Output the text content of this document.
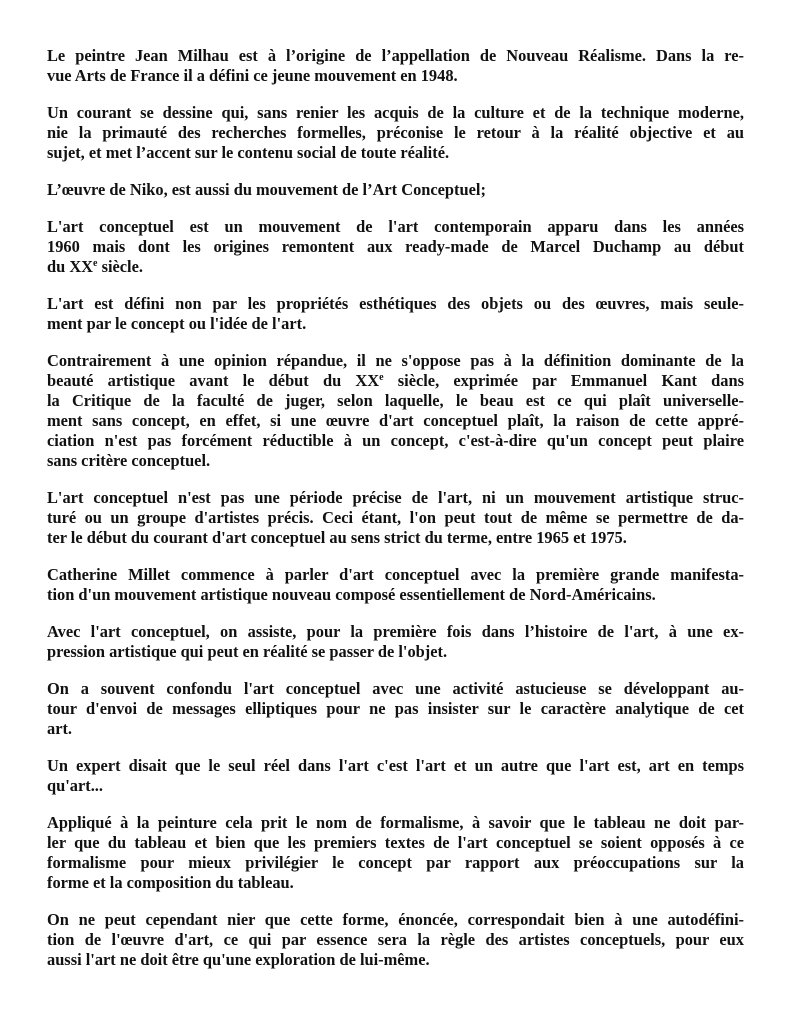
Le peintre Jean Milhau est à l’origine de l’appellation de Nouveau Réalisme. Dans la re-
vue Arts de France il a défini ce jeune mouvement en 1948.

Un courant se dessine qui, sans renier les acquis de la culture et de la technique moderne,
nie la primauté des recherches formelles, préconise le retour à la réalité objective et au
sujet, et met l’accent sur le contenu social de toute réalité.

L’œuvre de Niko, est aussi du mouvement de l’Art Conceptuel;

L'art conceptuel est un mouvement de l'art contemporain apparu dans les années
1960 mais dont les origines remontent aux ready-made de Marcel Duchamp au début
du XXe siècle.

L'art est défini non par les propriétés esthétiques des objets ou des œuvres, mais seule-
ment par le concept ou l'idée de l'art.

Contrairement à une opinion répandue, il ne s'oppose pas à la définition dominante de la
beauté artistique avant le début du XXe siècle, exprimée par Emmanuel Kant dans
la Critique de la faculté de juger, selon laquelle, le beau est ce qui plaît universelle-
ment sans concept, en effet, si une œuvre d'art conceptuel plaît, la raison de cette appré-
ciation n'est pas forcément réductible à un concept, c'est-à-dire qu'un concept peut plaire
sans critère conceptuel.

L'art conceptuel n'est pas une période précise de l'art, ni un mouvement artistique struc-
turé ou un groupe d'artistes précis. Ceci étant, l'on peut tout de même se permettre de da-
ter le début du courant d'art conceptuel au sens strict du terme, entre 1965 et 1975.

Catherine Millet commence à parler d'art conceptuel avec la première grande manifesta-
tion d'un mouvement artistique nouveau composé essentiellement de Nord-Américains.

Avec l'art conceptuel, on assiste, pour la première fois dans l’histoire de l'art, à une ex-
pression artistique qui peut en réalité se passer de l'objet.

On a souvent confondu l'art conceptuel avec une activité astucieuse se développant au-
tour d'envoi de messages elliptiques pour ne pas insister sur le caractère analytique de cet
art.

Un expert disait que le seul réel dans l'art c'est l'art et un autre que l'art est, art en temps
qu'art...

Appliqué à la peinture cela prit le nom de formalisme, à savoir que le tableau ne doit par-
ler que du tableau et bien que les premiers textes de l'art conceptuel se soient opposés à ce
formalisme pour mieux privilégier le concept par rapport aux préoccupations sur la
forme et la composition du tableau.

On ne peut cependant nier que cette forme, énoncée, correspondait bien à une autodéfini-
tion de l'œuvre d'art, ce qui par essence sera la règle des artistes conceptuels, pour eux
aussi l'art ne doit être qu'une exploration de lui-même.
